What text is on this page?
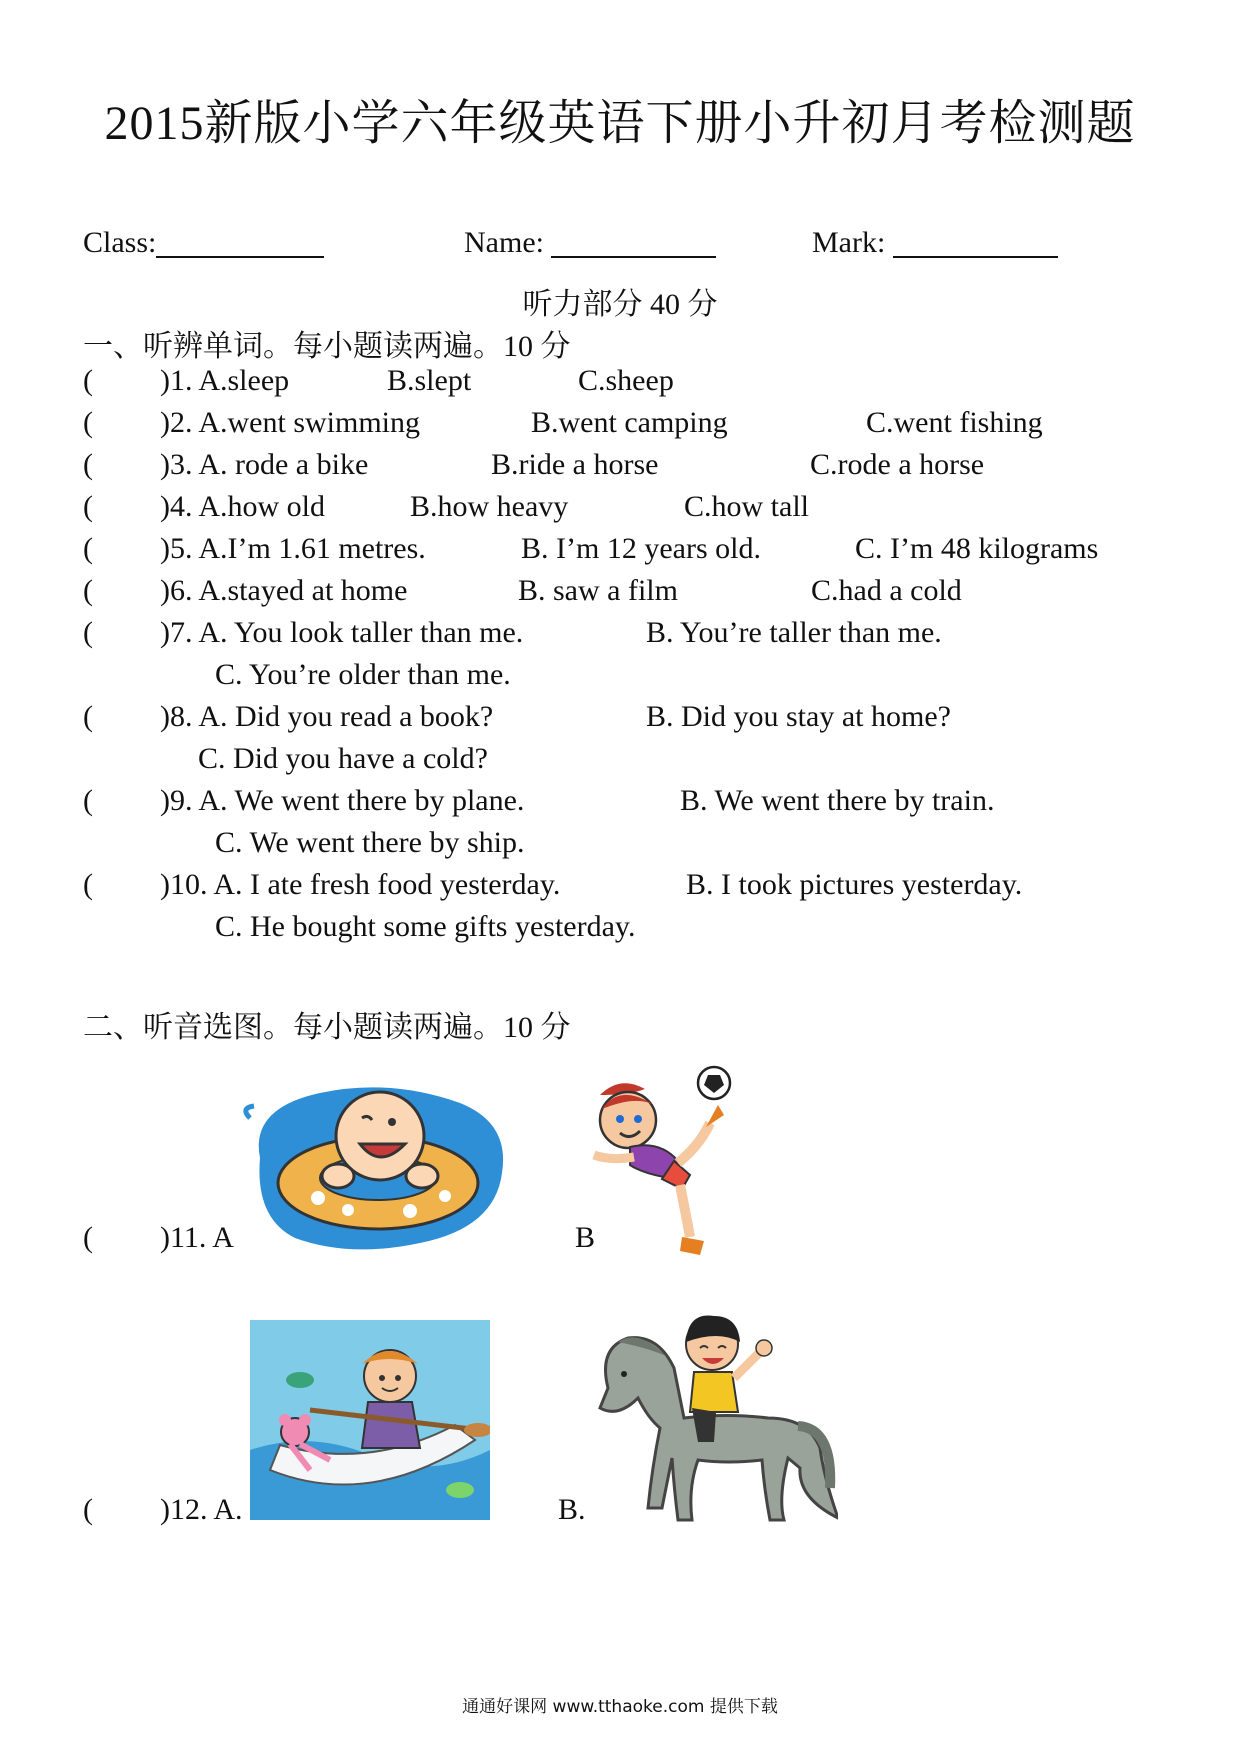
2015新版小学六年级英语下册小升初月考检测题
Class:	Name:	Mark:
听力部分 40 分
一、听辨单词。每小题读两遍。10 分
( )1. A.sleep	B.slept	C.sheep
( )2. A.went swimming	B.went camping	C.went fishing
( )3. A. rode a bike	B.ride a horse	C.rode a horse
( )4. A.how old	B.how heavy	C.how tall
( )5. A.I’m 1.61 metres.	B. I’m 12 years old.	C. I’m 48 kilograms
( )6. A.stayed at home	B. saw a film	C.had a cold
( )7. A. You look taller than me.	B. You’re taller than me.
C. You’re older than me.
( )8. A. Did you read a book?	B. Did you stay at home?
C. Did you have a cold?
( )9. A. We went there by plane.	B. We went there by train.
C. We went there by ship.
( )10. A. I ate fresh food yesterday.	B. I took pictures yesterday.
C. He bought some gifts yesterday.
二、听音选图。每小题读两遍。10 分
( )11. A	B
( )12. A.	B.
通通好课网 www.tthaoke.com 提供下载
